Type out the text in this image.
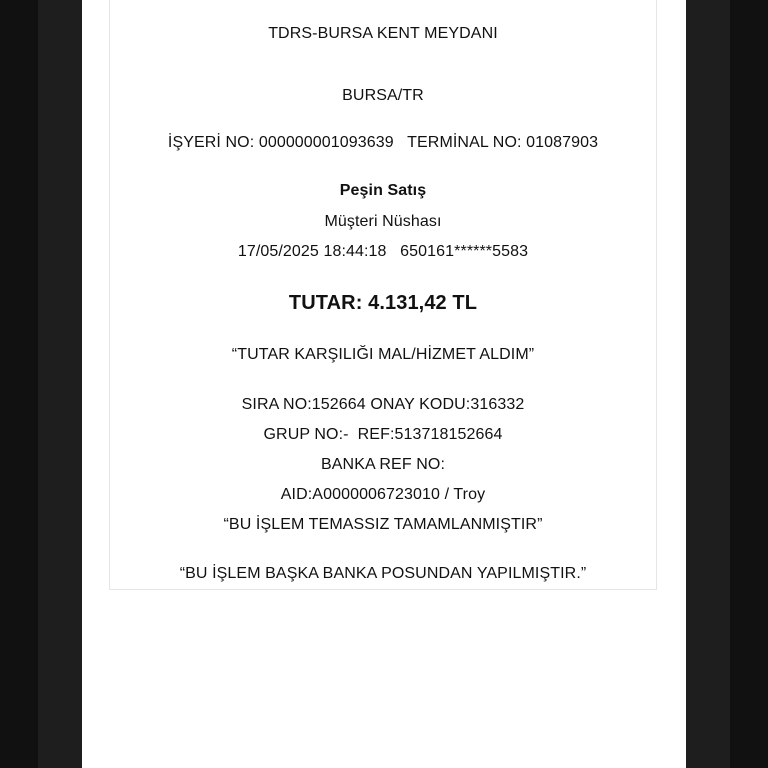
TDRS-BURSA KENT MEYDANI
BURSA/TR
İŞYERİ NO: 000000001093639   TERMİNAL NO: 01087903
Peşin Satış
Müşteri Nüshası
17/05/2025 18:44:18   650161******5583
TUTAR: 4.131,42 TL
“TUTAR KARŞILIĞI MAL/HİZMET ALDIM”
SIRA NO:152664 ONAY KODU:316332
GRUP NO:-  REF:513718152664
BANKA REF NO:
AID:A0000006723010 / Troy
“BU İŞLEM TEMASSIZ TAMAMLANMIŞTIR”
“BU İŞLEM BAŞKA BANKA POSUNDAN YAPILMIŞTIR.”
